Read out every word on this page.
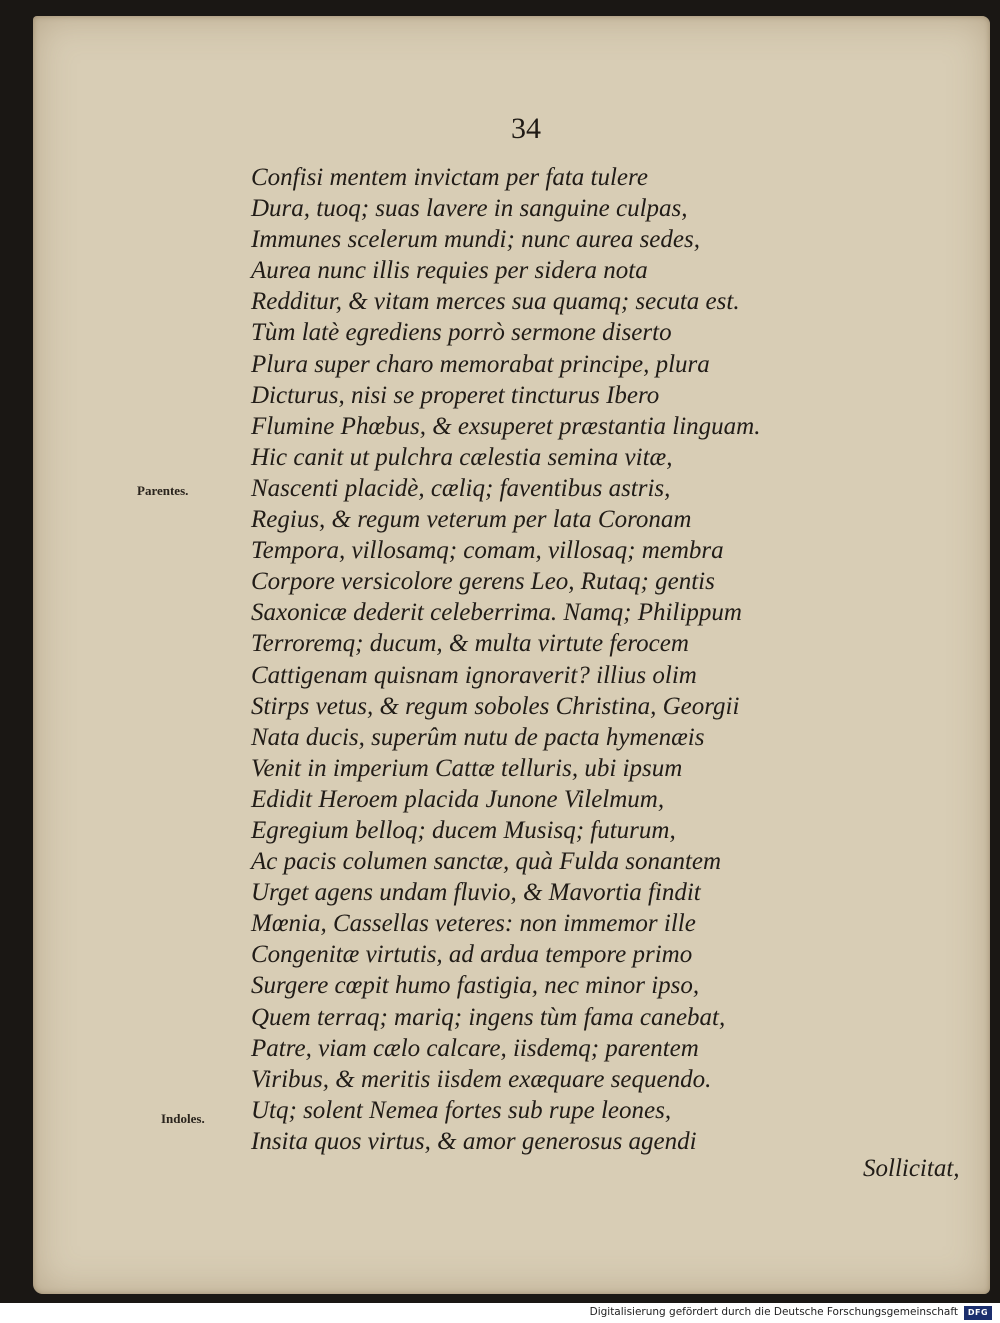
34
Confisi mentem invictam per fata tulere
Dura, tuoq; suas lavere in sanguine culpas,
Immunes scelerum mundi; nunc aurea sedes,
Aurea nunc illis requies per sidera nota
Redditur, & vitam merces sua quamq; secuta est.
Tùm latè egrediens porrò sermone diserto
Plura super charo memorabat principe, plura
Dicturus, nisi se properet tincturus Ibero
Flumine Phœbus, & exsuperet præstantia linguam.
Hic canit ut pulchra cælestia semina vitæ,
Nascenti placidè, cæliq; faventibus astris,
Regius, & regum veterum per lata Coronam
Tempora, villosamq; comam, villosaq; membra
Corpore versicolore gerens Leo, Rutaq; gentis
Saxonicæ dederit celeberrima. Namq; Philippum
Terroremq; ducum, & multa virtute ferocem
Cattigenam quisnam ignoraverit? illius olim
Stirps vetus, & regum soboles Christina, Georgii
Nata ducis, superûm nutu de pacta hymenæis
Venit in imperium Cattæ telluris, ubi ipsum
Edidit Heroem placida Junone Vilelmum,
Egregium belloq; ducem Musisq; futurum,
Ac pacis columen sanctæ, quà Fulda sonantem
Urget agens undam fluvio, & Mavortia findit
Mœnia, Cassellas veteres: non immemor ille
Congenitæ virtutis, ad ardua tempore primo
Surgere cœpit humo fastigia, nec minor ipso,
Quem terraq; mariq; ingens tùm fama canebat,
Patre, viam cælo calcare, iisdemq; parentem
Viribus, & meritis iisdem exæquare sequendo.
Utq; solent Nemea fortes sub rupe leones,
Insita quos virtus, & amor generosus agendi
Parentes.
Indoles.
Sollicitat,
Digitalisierung gefördert durch die Deutsche Forschungsgemeinschaft	DFG
